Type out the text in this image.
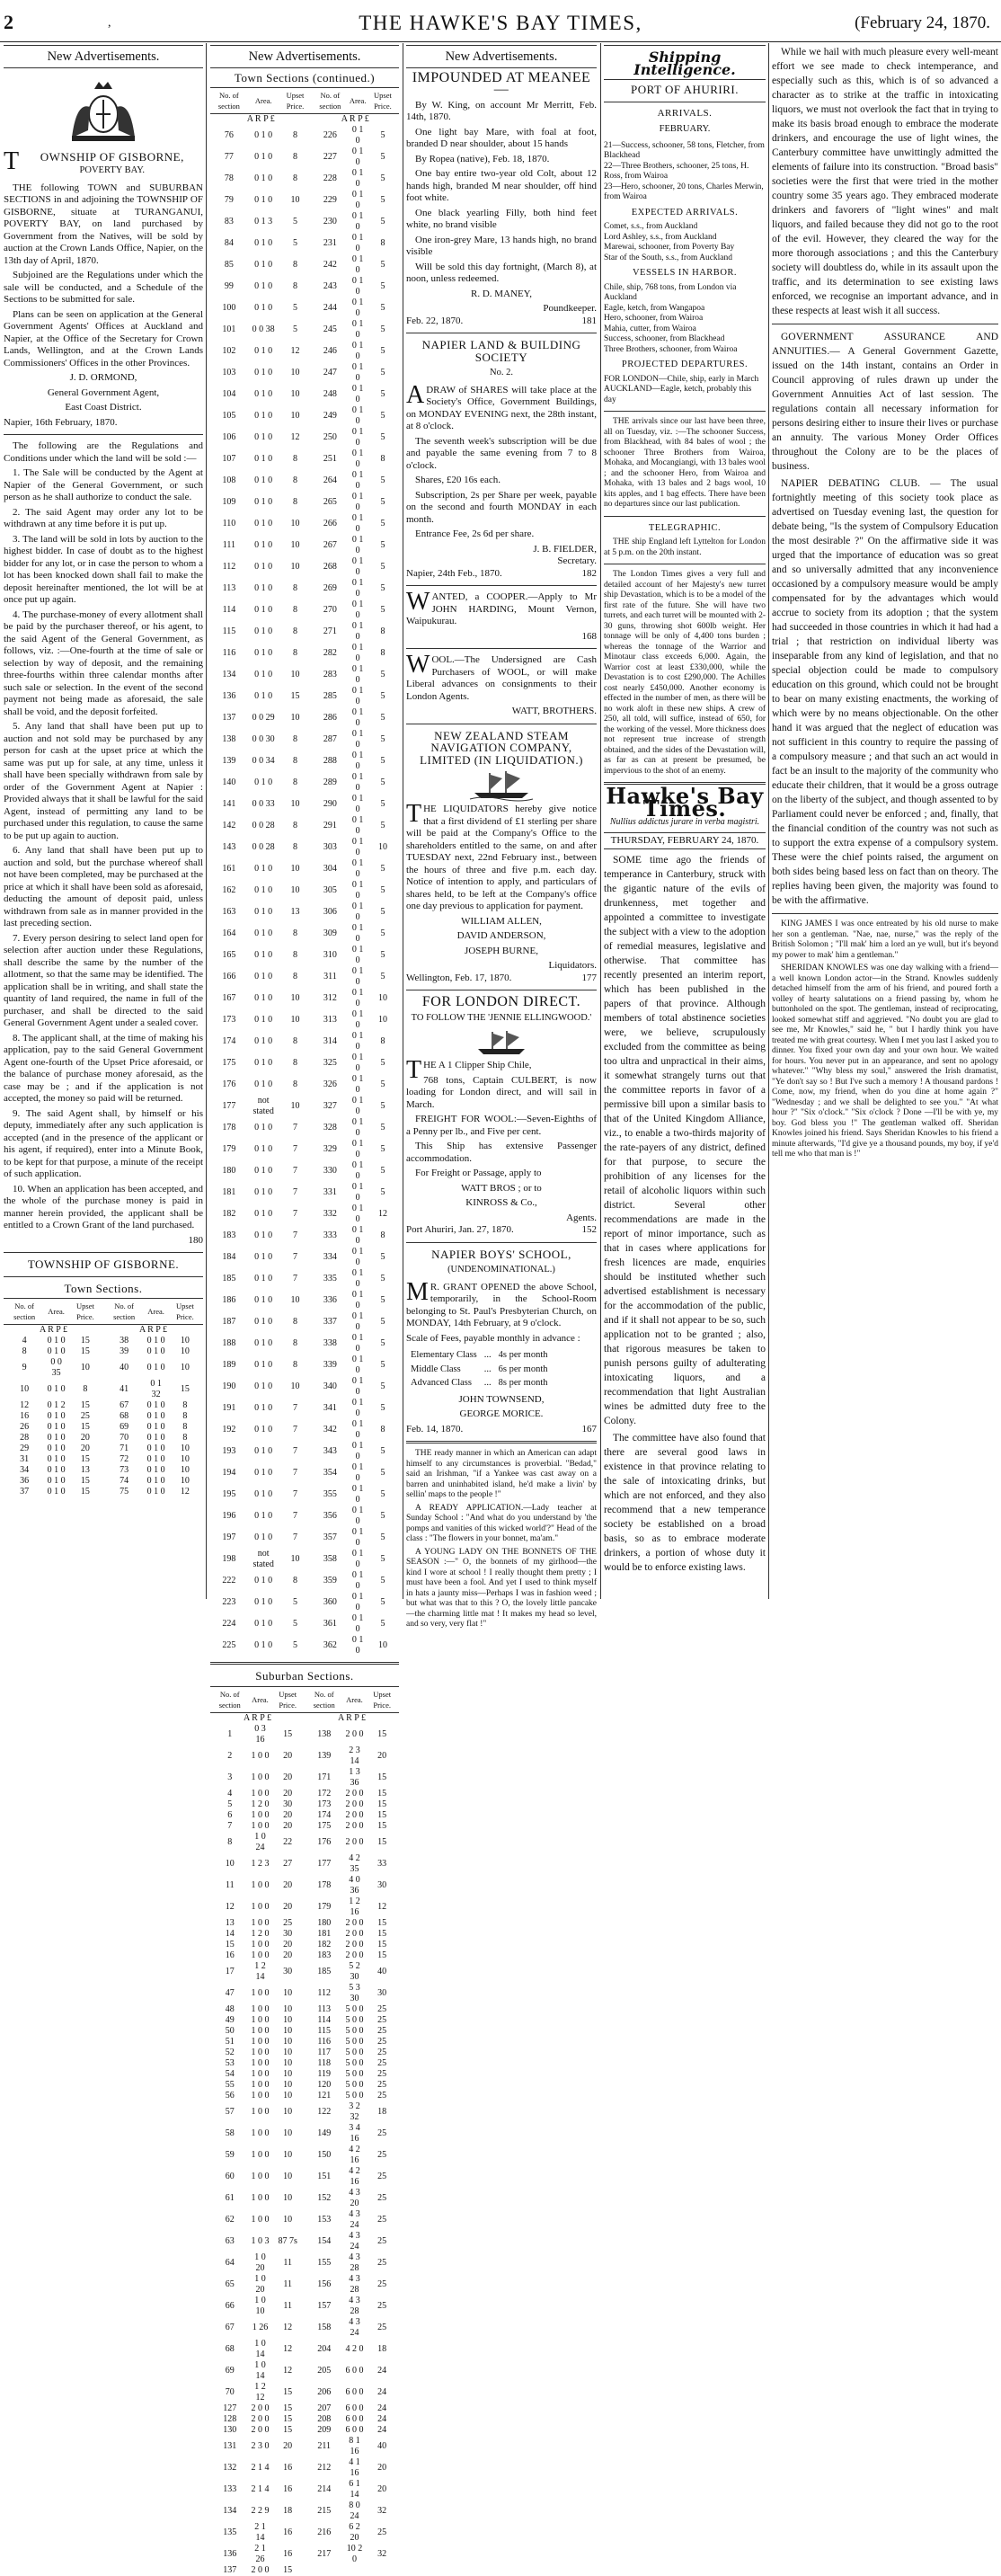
2	,	THE HAWKE'S BAY TIMES,	(February 24, 1870.
New Advertisements.
T OWNSHIP OF GISBORNE,
POVERTY BAY.

THE following TOWN and SUBURBAN SECTIONS in and adjoining the TOWNSHIP OF GISBORNE, situate at TURANGANUI, POVERTY BAY, on land purchased by Government from the Natives, will be sold by auction at the Crown Lands Office, Napier, on the 13th day of April, 1870.

Subjoined are the Regulations under which the sale will be conducted, and a Schedule of the Sections to be submitted for sale.

Plans can be seen on application at the General Government Agents' Offices at Auckland and Napier, at the Office of the Secretary for Crown Lands, Wellington, and at the Crown Lands Commissioners' Offices in the other Provinces.

J. D. ORMOND,
General Government Agent,
East Coast District.

Napier, 16th February, 1870.

The following are the Regulations and Conditions under which the land will be sold :—

1. The Sale will be conducted by the Agent at Napier of the General Government, or such person as he shall authorize to conduct the sale.

2. The said Agent may order any lot to be withdrawn at any time before it is put up.

3. The land will be sold in lots by auction to the highest bidder. In case of doubt as to the highest bidder for any lot, or in case the person to whom a lot has been knocked down shall fail to make the deposit hereinafter mentioned, the lot will be at once put up again.

4. The purchase-money of every allotment shall be paid by the purchaser thereof, or his agent, to the said Agent of the General Government, as follows, viz. :—One-fourth at the time of sale or selection by way of deposit, and the remaining three-fourths within three calendar months after such sale or selection. In the event of the second payment not being made as aforesaid, the sale shall be void, and the deposit forfeited.

5. Any land that shall have been put up to auction and not sold may be purchased by any person for cash at the upset price at which the same was put up for sale, at any time, unless it shall have been specially withdrawn from sale by order of the Government Agent at Napier : Provided always that it shall be lawful for the said Agent, instead of permitting any land to be purchased under this regulation, to cause the same to be put up again to auction.

6. Any land that shall have been put up to auction and sold, but the purchase whereof shall not have been completed, may be purchased at the price at which it shall have been sold as aforesaid, deducting the amount of deposit paid, unless withdrawn from sale as in manner provided in the last preceding section.

7. Every person desiring to select land open for selection after auction under these Regulations, shall describe the same by the number of the allotment, so that the same may be identified. The application shall be in writing, and shall state the quantity of land required, the name in full of the purchaser, and shall be directed to the said General Government Agent under a sealed cover.

8. The applicant shall, at the time of making his application, pay to the said General Government Agent one-fourth of the Upset Price aforesaid, or the balance of purchase money aforesaid, as the case may be ; and if the application is not accepted, the money so paid will be returned.

9. The said Agent shall, by himself or his deputy, immediately after any such application is accepted (and in the presence of the applicant or his agent, if required), enter into a Minute Book, to be kept for that purpose, a minute of the receipt of such application.

10. When an application has been accepted, and the whole of the purchase money is paid in manner herein provided, the applicant shall be entitled to a Crown Grant of the land purchased.

180
TOWNSHIP OF GISBORNE.
Town Sections.
No. of section	Area.	Upset Price.	No. of section	Area.	Upset Price.
A R P £			A R P £		
4	0 1 0	15	38	0 1 0	10
8	0 1 0	15	39	0 1 0	10
9	0 0 35	10	40	0 1 0	10
10	0 1 0	8	41	0 1 32	15
12	0 1 2	15	67	0 1 0	8
16	0 1 0	25	68	0 1 0	8
26	0 1 0	15	69	0 1 0	8
28	0 1 0	20	70	0 1 0	8
29	0 1 0	20	71	0 1 0	10
31	0 1 0	15	72	0 1 0	10
34	0 1 0	13	73	0 1 0	10
36	0 1 0	15	74	0 1 0	10
37	0 1 0	15	75	0 1 0	12
New Advertisements.
Town Sections (continued.)
No. of section	Area.	Upset Price.	No. of section	Area.	Upset Price.
A R P £			A R P £		
76	0 1 0	8	226	0 1 0	5
77	0 1 0	8	227	0 1 0	5
78	0 1 0	8	228	0 1 0	5
79	0 1 0	10	229	0 1 0	5
83	0 1 3	5	230	0 1 0	5
84	0 1 0	5	231	0 1 0	8
85	0 1 0	8	242	0 1 0	5
99	0 1 0	8	243	0 1 0	5
100	0 1 0	5	244	0 1 0	5
101	0 0 38	5	245	0 1 0	5
102	0 1 0	12	246	0 1 0	5
103	0 1 0	10	247	0 1 0	5
104	0 1 0	10	248	0 1 0	5
105	0 1 0	10	249	0 1 0	5
106	0 1 0	12	250	0 1 0	5
107	0 1 0	8	251	0 1 0	8
108	0 1 0	8	264	0 1 0	5
109	0 1 0	8	265	0 1 0	5
110	0 1 0	10	266	0 1 0	5
111	0 1 0	10	267	0 1 0	5
112	0 1 0	10	268	0 1 0	5
113	0 1 0	8	269	0 1 0	5
114	0 1 0	8	270	0 1 0	5
115	0 1 0	8	271	0 1 0	8
116	0 1 0	8	282	0 1 0	8
134	0 1 0	10	283	0 1 0	5
136	0 1 0	15	285	0 1 0	5
137	0 0 29	10	286	0 1 0	5
138	0 0 30	8	287	0 1 0	5
139	0 0 34	8	288	0 1 0	5
140	0 1 0	8	289	0 1 0	5
141	0 0 33	10	290	0 1 0	5
142	0 0 28	8	291	0 1 0	5
143	0 0 28	8	303	0 1 0	10
161	0 1 0	10	304	0 1 0	5
162	0 1 0	10	305	0 1 0	5
163	0 1 0	13	306	0 1 0	5
164	0 1 0	8	309	0 1 0	5
165	0 1 0	8	310	0 1 0	5
166	0 1 0	8	311	0 1 0	5
167	0 1 0	10	312	0 1 0	10
173	0 1 0	10	313	0 1 0	10
174	0 1 0	8	314	0 1 0	8
175	0 1 0	8	325	0 1 0	5
176	0 1 0	8	326	0 1 0	5
177	not stated	10	327	0 1 0	5
178	0 1 0	7	328	0 1 0	5
179	0 1 0	7	329	0 1 0	5
180	0 1 0	7	330	0 1 0	5
181	0 1 0	7	331	0 1 0	5
182	0 1 0	7	332	0 1 0	12
183	0 1 0	7	333	0 1 0	8
184	0 1 0	7	334	0 1 0	5
185	0 1 0	7	335	0 1 0	5
186	0 1 0	10	336	0 1 0	5
187	0 1 0	8	337	0 1 0	5
188	0 1 0	8	338	0 1 0	5
189	0 1 0	8	339	0 1 0	5
190	0 1 0	10	340	0 1 0	5
191	0 1 0	7	341	0 1 0	5
192	0 1 0	7	342	0 1 0	8
193	0 1 0	7	343	0 1 0	5
194	0 1 0	7	354	0 1 0	5
195	0 1 0	7	355	0 1 0	5
196	0 1 0	7	356	0 1 0	5
197	0 1 0	7	357	0 1 0	5
198	not stated	10	358	0 1 0	5
222	0 1 0	8	359	0 1 0	5
223	0 1 0	5	360	0 1 0	5
224	0 1 0	5	361	0 1 0	5
225	0 1 0	5	362	0 1 0	10
Suburban Sections.
No. of section	Area.	Upset Price.	No. of section	Area.	Upset Price.
A R P £			A R P £		
1	0 3 16	15	138	2 0 0	15
2	1 0 0	20	139	2 3 14	20
3	1 0 0	20	171	1 3 36	15
4	1 0 0	20	172	2 0 0	15
5	1 2 0	30	173	2 0 0	15
6	1 0 0	20	174	2 0 0	15
7	1 0 0	20	175	2 0 0	15
8	1 0 24	22	176	2 0 0	15
10	1 2 3	27	177	4 2 35	33
11	1 0 0	20	178	4 0 36	30
12	1 0 0	20	179	1 2 16	12
13	1 0 0	25	180	2 0 0	15
14	1 2 0	30	181	2 0 0	15
15	1 0 0	20	182	2 0 0	15
16	1 0 0	20	183	2 0 0	15
17	1 2 14	30	185	5 2 30	40
47	1 0 0	10	112	5 3 30	30
48	1 0 0	10	113	5 0 0	25
49	1 0 0	10	114	5 0 0	25
50	1 0 0	10	115	5 0 0	25
51	1 0 0	10	116	5 0 0	25
52	1 0 0	10	117	5 0 0	25
53	1 0 0	10	118	5 0 0	25
54	1 0 0	10	119	5 0 0	25
55	1 0 0	10	120	5 0 0	25
56	1 0 0	10	121	5 0 0	25
57	1 0 0	10	122	3 2 32	18
58	1 0 0	10	149	3 4 16	25
59	1 0 0	10	150	4 2 16	25
60	1 0 0	10	151	4 2 16	25
61	1 0 0	10	152	4 3 20	25
62	1 0 0	10	153	4 3 24	25
63	1 0 3	87 7s	154	4 3 24	25
64	1 0 20	11	155	4 3 28	25
65	1 0 20	11	156	4 3 28	25
66	1 0 10	11	157	4 3 28	25
67	1 26	12	158	4 3 24	25
68	1 0 14	12	204	4 2 0	18
69	1 0 14	12	205	6 0 0	24
70	1 2 12	15	206	6 0 0	24
127	2 0 0	15	207	6 0 0	24
128	2 0 0	15	208	6 0 0	24
130	2 0 0	15	209	6 0 0	24
131	2 3 0	20	211	8 1 16	40
132	2 1 4	16	212	4 1 16	20
133	2 1 4	16	214	6 1 14	20
134	2 2 9	18	215	8 0 24	32
135	2 1 14	16	216	6 2 20	25
136	2 1 26	16	217	10 2 0	32
137	2 0 0	15			
New Advertisements.
IMPOUNDED AT MEANEE—

By W. King, on account Mr Merritt, Feb. 14th, 1870.

One light bay Mare, with foal at foot, branded D near shoulder, about 15 hands

By Ropea (native), Feb. 18, 1870.

One bay entire two-year old Colt, about 12 hands high, branded M near shoulder, off hind foot white.

One black yearling Filly, both hind feet white, no brand visible

One iron-grey Mare, 13 hands high, no brand visible

Will be sold this day fortnight, (March 8), at noon, unless redeemed.

R. D. MANEY,
Poundkeeper.
Feb. 22, 1870.	181
NAPIER LAND & BUILDING SOCIETY
No. 2.

A DRAW of SHARES will take place at the Society's Office, Government Buildings, on MONDAY EVENING next, the 28th instant, at 8 o'clock.

The seventh week's subscription will be due and payable the same evening from 7 to 8 o'clock.

Shares, £20 16s each.

Subscription, 2s per Share per week, payable on the second and fourth MONDAY in each month.

Entrance Fee, 2s 6d per share.

J. B. FIELDER,
Secretary.
Napier, 24th Feb., 1870.	182

WANTED, a COOPER.—Apply to Mr JOHN HARDING, Mount Vernon, Waipukurau.

168

WOOL.—The Undersigned are Cash Purchasers of WOOL, or will make Liberal advances on consignments to their London Agents.

WATT, BROTHERS.
NEW ZEALAND STEAM NAVIGATION COMPANY, LIMITED (IN LIQUIDATION.)

THE LIQUIDATORS hereby give notice that a first dividend of £1 sterling per share will be paid at the Company's Office to the shareholders entitled to the same, on and after TUESDAY next, 22nd February inst., between the hours of three and five p.m. each day. Notice of intention to apply, and particulars of shares held, to be left at the Company's office one day previous to application for payment.

WILLIAM ALLEN,
DAVID ANDERSON,
JOSEPH BURNE,
Liquidators.
Wellington, Feb. 17, 1870.	177
FOR LONDON DIRECT.
TO FOLLOW THE 'JENNIE ELLINGWOOD.'

THE A 1 Clipper Ship Chile,

768 tons, Captain CULBERT, is now loading for London direct, and will sail in March.

FREIGHT FOR WOOL:—Seven-Eighths of a Penny per lb., and Five per cent.

This Ship has extensive Passenger accommodation.

For Freight or Passage, apply to

WATT BROS ; or to
KINROSS & Co.,
Agents.
Port Ahuriri, Jan. 27, 1870.	152
NAPIER BOYS' SCHOOL,
(UNDENOMINATIONAL.)

M R. GRANT OPENED the above School, temporarily, in the School-Room belonging to St. Paul's Presbyterian Church, on MONDAY, 14th February, at 9 o'clock.

Scale of Fees, payable monthly in advance :

Elementary Class	...	4s per month
Middle Class	...	6s per month
Advanced Class	...	8s per month
JOHN TOWNSEND,
GEORGE MORICE.
Feb. 14, 1870.	167

THE ready manner in which an American can adapt himself to any circumstances is proverbial. "Bedad," said an Irishman, "if a Yankee was cast away on a barren and uninhabited island, he'd make a livin' by sellin' maps to the people !"

A READY APPLICATION.—Lady teacher at Sunday School : "And what do you understand by 'the pomps and vanities of this wicked world'?" Head of the class : "The flowers in your bonnet, ma'am."

A YOUNG LADY ON THE BONNETS OF THE SEASON :—" O, the bonnets of my girlhood—the kind I wore at school ! I really thought them pretty ; I must have been a fool. And yet I used to think myself in hats a jaunty miss—Perhaps I was in fashion weed ; but what was that to this ? O, the lovely little pancake—the charming little mat ! It makes my head so level, and so very, very flat !"

Shipping Intelligence.
PORT OF AHURIRI.
ARRIVALS.
FEBRUARY.
21—Success, schooner, 58 tons, Fletcher, from Blackhead
22—Three Brothers, schooner, 25 tons, H. Ross, from Wairoa
23—Hero, schooner, 20 tons, Charles Merwin, from Wairoa
EXPECTED ARRIVALS.
Comet, s.s., from Auckland
Lord Ashley, s.s., from Auckland
Marewai, schooner, from Poverty Bay
Star of the South, s.s., from Auckland
VESSELS IN HARBOR.
Chile, ship, 768 tons, from London via Auckland
Eagle, ketch, from Wangapoa
Hero, schooner, from Wairoa
Mahia, cutter, from Wairoa
Success, schooner, from Blackhead
Three Brothers, schooner, from Wairoa
PROJECTED DEPARTURES.
FOR LONDON—Chile, ship, early in March
AUCKLAND—Eagle, ketch, probably this day

THE arrivals since our last have been three, all on Tuesday, viz. :—The schooner Success, from Blackhead, with 84 bales of wool ; the schooner Three Brothers from Wairoa, Mohaka, and Mocangiangi, with 13 bales wool ; and the schooner Hero, from Wairoa and Mohaka, with 13 bales and 2 bags wool, 10 kits apples, and 1 bag effects. There have been no departures since our last publication.

TELEGRAPHIC.

THE ship England left Lyttelton for London at 5 p.m. on the 20th instant.

The London Times gives a very full and detailed account of her Majesty's new turret ship Devastation, which is to be a model of the first rate of the future. She will have two turrets, and each turret will be mounted with 2-30 guns, throwing shot 600lb weight. Her tonnage will be only of 4,400 tons burden ; whereas the tonnage of the Warrior and Minotaur class exceeds 6,000. Again, the Warrior cost at least £330,000, while the Devastation is to cost £290,000. The Achilles cost nearly £450,000. Another economy is effected in the number of men, as there will be no work aloft in these new ships. A crew of 250, all told, will suffice, instead of 650, for the working of the vessel. More thickness does not represent true increase of strength obtained, and the sides of the Devastation will, as far as can at present be presumed, be impervious to the shot of an enemy.

Hawke's Bay Times.
Nullius addictus jurare in verba magistri.
THURSDAY, FEBRUARY 24, 1870.

SOME time ago the friends of temperance in Canterbury, struck with the gigantic nature of the evils of drunkenness, met together and appointed a committee to investigate the subject with a view to the adoption of remedial measures, legislative and otherwise. That committee has recently presented an interim report, which has been published in the papers of that province. Although members of total abstinence societies were, we believe, scrupulously excluded from the committee as being too ultra and unpractical in their aims, it somewhat strangely turns out that the committee reports in favor of a permissive bill upon a similar basis to that of the United Kingdom Alliance, viz., to enable a two-thirds majority of the rate-payers of any district, defined for that purpose, to secure the prohibition of any licenses for the retail of alcoholic liquors within such district. Several other recommendations are made in the report of minor importance, such as that in cases where applications for fresh licences are made, enquiries should be instituted whether such advertised establishment is necessary for the accommodation of the public, and if it shall not appear to be so, such application not to be granted ; also, that rigorous measures be taken to punish persons guilty of adulterating intoxicating liquors, and a recommendation that light Australian wines be admitted duty free to the Colony.

The committee have also found that there are several good laws in existence in that province relating to the sale of intoxicating drinks, but which are not enforced, and they also recommend that a new temperance society be established on a broad basis, so as to embrace moderate drinkers, a portion of whose duty it would be to enforce existing laws.

While we hail with much pleasure every well-meant effort we see made to check intemperance, and especially such as this, which is of so advanced a character as to strike at the traffic in intoxicating liquors, we must not overlook the fact that in trying to make its basis broad enough to embrace the moderate drinkers, and encourage the use of light wines, the Canterbury committee have unwittingly admitted the elements of failure into its construction. "Broad basis" societies were the first that were tried in the mother country some 35 years ago. They embraced moderate drinkers and favorers of "light wines" and malt liquors, and failed because they did not go to the root of the evil. However, they cleared the way for the more thorough associations ; and this the Canterbury society will doubtless do, while in its assault upon the traffic, and its determination to see existing laws enforced, we recognise an important advance, and in these respects at least wish it all success.

GOVERNMENT ASSURANCE AND ANNUITIES.— A General Government Gazette, issued on the 14th instant, contains an Order in Council approving of rules drawn up under the Government Annuities Act of last session. The regulations contain all necessary information for persons desiring either to insure their lives or purchase an annuity. The various Money Order Offices throughout the Colony are to be the places of business.

NAPIER DEBATING CLUB. — The usual fortnightly meeting of this society took place as advertised on Tuesday evening last, the question for debate being, "Is the system of Compulsory Education the most desirable ?" On the affirmative side it was urged that the importance of education was so great and so universally admitted that any inconvenience occasioned by a compulsory measure would be amply compensated for by the advantages which would accrue to society from its adoption ; that the system had succeeded in those countries in which it had had a trial ; that restriction on individual liberty was inseparable from any kind of legislation, and that no special objection could be made to compulsory education on this ground, which could not be brought to bear on many existing enactments, the working of which were by no means objectionable. On the other hand it was argued that the neglect of education was not sufficient in this country to require the passing of a compulsory measure ; and that such an act would in fact be an insult to the majority of the community who educate their children, that it would be a gross outrage on the liberty of the subject, and though assented to by Parliament could never be enforced ; and, finally, that the financial condition of the country was not such as to support the extra expense of a compulsory system. These were the chief points raised, the argument on both sides being based less on fact than on theory. The replies having been given, the majority was found to be with the affirmative.

KING JAMES I was once entreated by his old nurse to make her son a gentleman. "Nae, nae, nurse," was the reply of the British Solomon ; "I'll mak' him a lord an ye wull, but it's beyond my power to mak' him a gentleman."

SHERIDAN KNOWLES was one day walking with a friend—a well known London actor—in the Strand. Knowles suddenly detached himself from the arm of his friend, and poured forth a volley of hearty salutations on a friend passing by, whom he buttonholed on the spot. The gentleman, instead of reciprocating, looked somewhat stiff and aggrieved. "No doubt you are glad to see me, Mr Knowles," said he, " but I hardly think you have treated me with great courtesy. When I met you last I asked you to dinner. You fixed your own day and your own hour. We waited for hours. You never put in an appearance, and sent no apology whatever." "Why bless my soul," answered the Irish dramatist, "Ye don't say so ! But I've such a memory ! A thousand pardons ! Come, now, my friend, when do you dine at home again ?" "Wednesday ; and we shall be delighted to see you." "At what hour ?" "Six o'clock." "Six o'clock ? Done —I'll be with ye, my boy. God bless you !" The gentleman walked off. Sheridan Knowles joined his friend. Says Sheridan Knowles to his friend a minute afterwards, "I'd give ye a thousand pounds, my boy, if ye'd tell me who that man is !"
